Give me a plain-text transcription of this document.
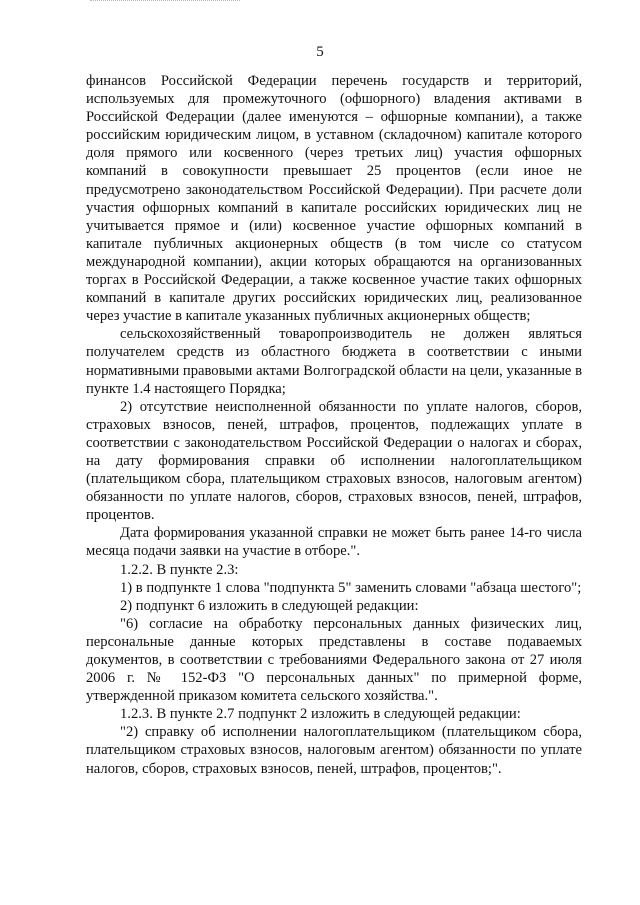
5

финансов Российской Федерации перечень государств и территорий, используемых для промежуточного (офшорного) владения активами в Российской Федерации (далее именуются – офшорные компании), а также российским юридическим лицом, в уставном (складочном) капитале которого доля прямого или косвенного (через третьих лиц) участия офшорных компаний в совокупности превышает 25 процентов (если иное не предусмотрено законодательством Российской Федерации). При расчете доли участия офшорных компаний в капитале российских юридических лиц не учитывается прямое и (или) косвенное участие офшорных компаний в капитале публичных акционерных обществ (в том числе со статусом международной компании), акции которых обращаются на организованных торгах в Российской Федерации, а также косвенное участие таких офшорных компаний в капитале других российских юридических лиц, реализованное через участие в капитале указанных публичных акционерных обществ;

сельскохозяйственный товаропроизводитель не должен являться получателем средств из областного бюджета в соответствии с иными нормативными правовыми актами Волгоградской области на цели, указанные в пункте 1.4 настоящего Порядка;

2) отсутствие неисполненной обязанности по уплате налогов, сборов, страховых взносов, пеней, штрафов, процентов, подлежащих уплате в соответствии с законодательством Российской Федерации о налогах и сборах, на дату формирования справки об исполнении налогоплательщиком (плательщиком сбора, плательщиком страховых взносов, налоговым агентом) обязанности по уплате налогов, сборов, страховых взносов, пеней, штрафов, процентов.

Дата формирования указанной справки не может быть ранее 14-го числа месяца подачи заявки на участие в отборе.".

1.2.2. В пункте 2.3:

1) в подпункте 1 слова "подпункта 5" заменить словами "абзаца шестого";

2) подпункт 6 изложить в следующей редакции:

"6) согласие на обработку персональных данных физических лиц, персональные данные которых представлены в составе подаваемых документов, в соответствии с требованиями Федерального закона от 27 июля 2006 г. № 152-ФЗ "О персональных данных" по примерной форме, утвержденной приказом комитета сельского хозяйства.".

1.2.3. В пункте 2.7 подпункт 2 изложить в следующей редакции:

"2) справку об исполнении налогоплательщиком (плательщиком сбора, плательщиком страховых взносов, налоговым агентом) обязанности по уплате налогов, сборов, страховых взносов, пеней, штрафов, процентов;".
